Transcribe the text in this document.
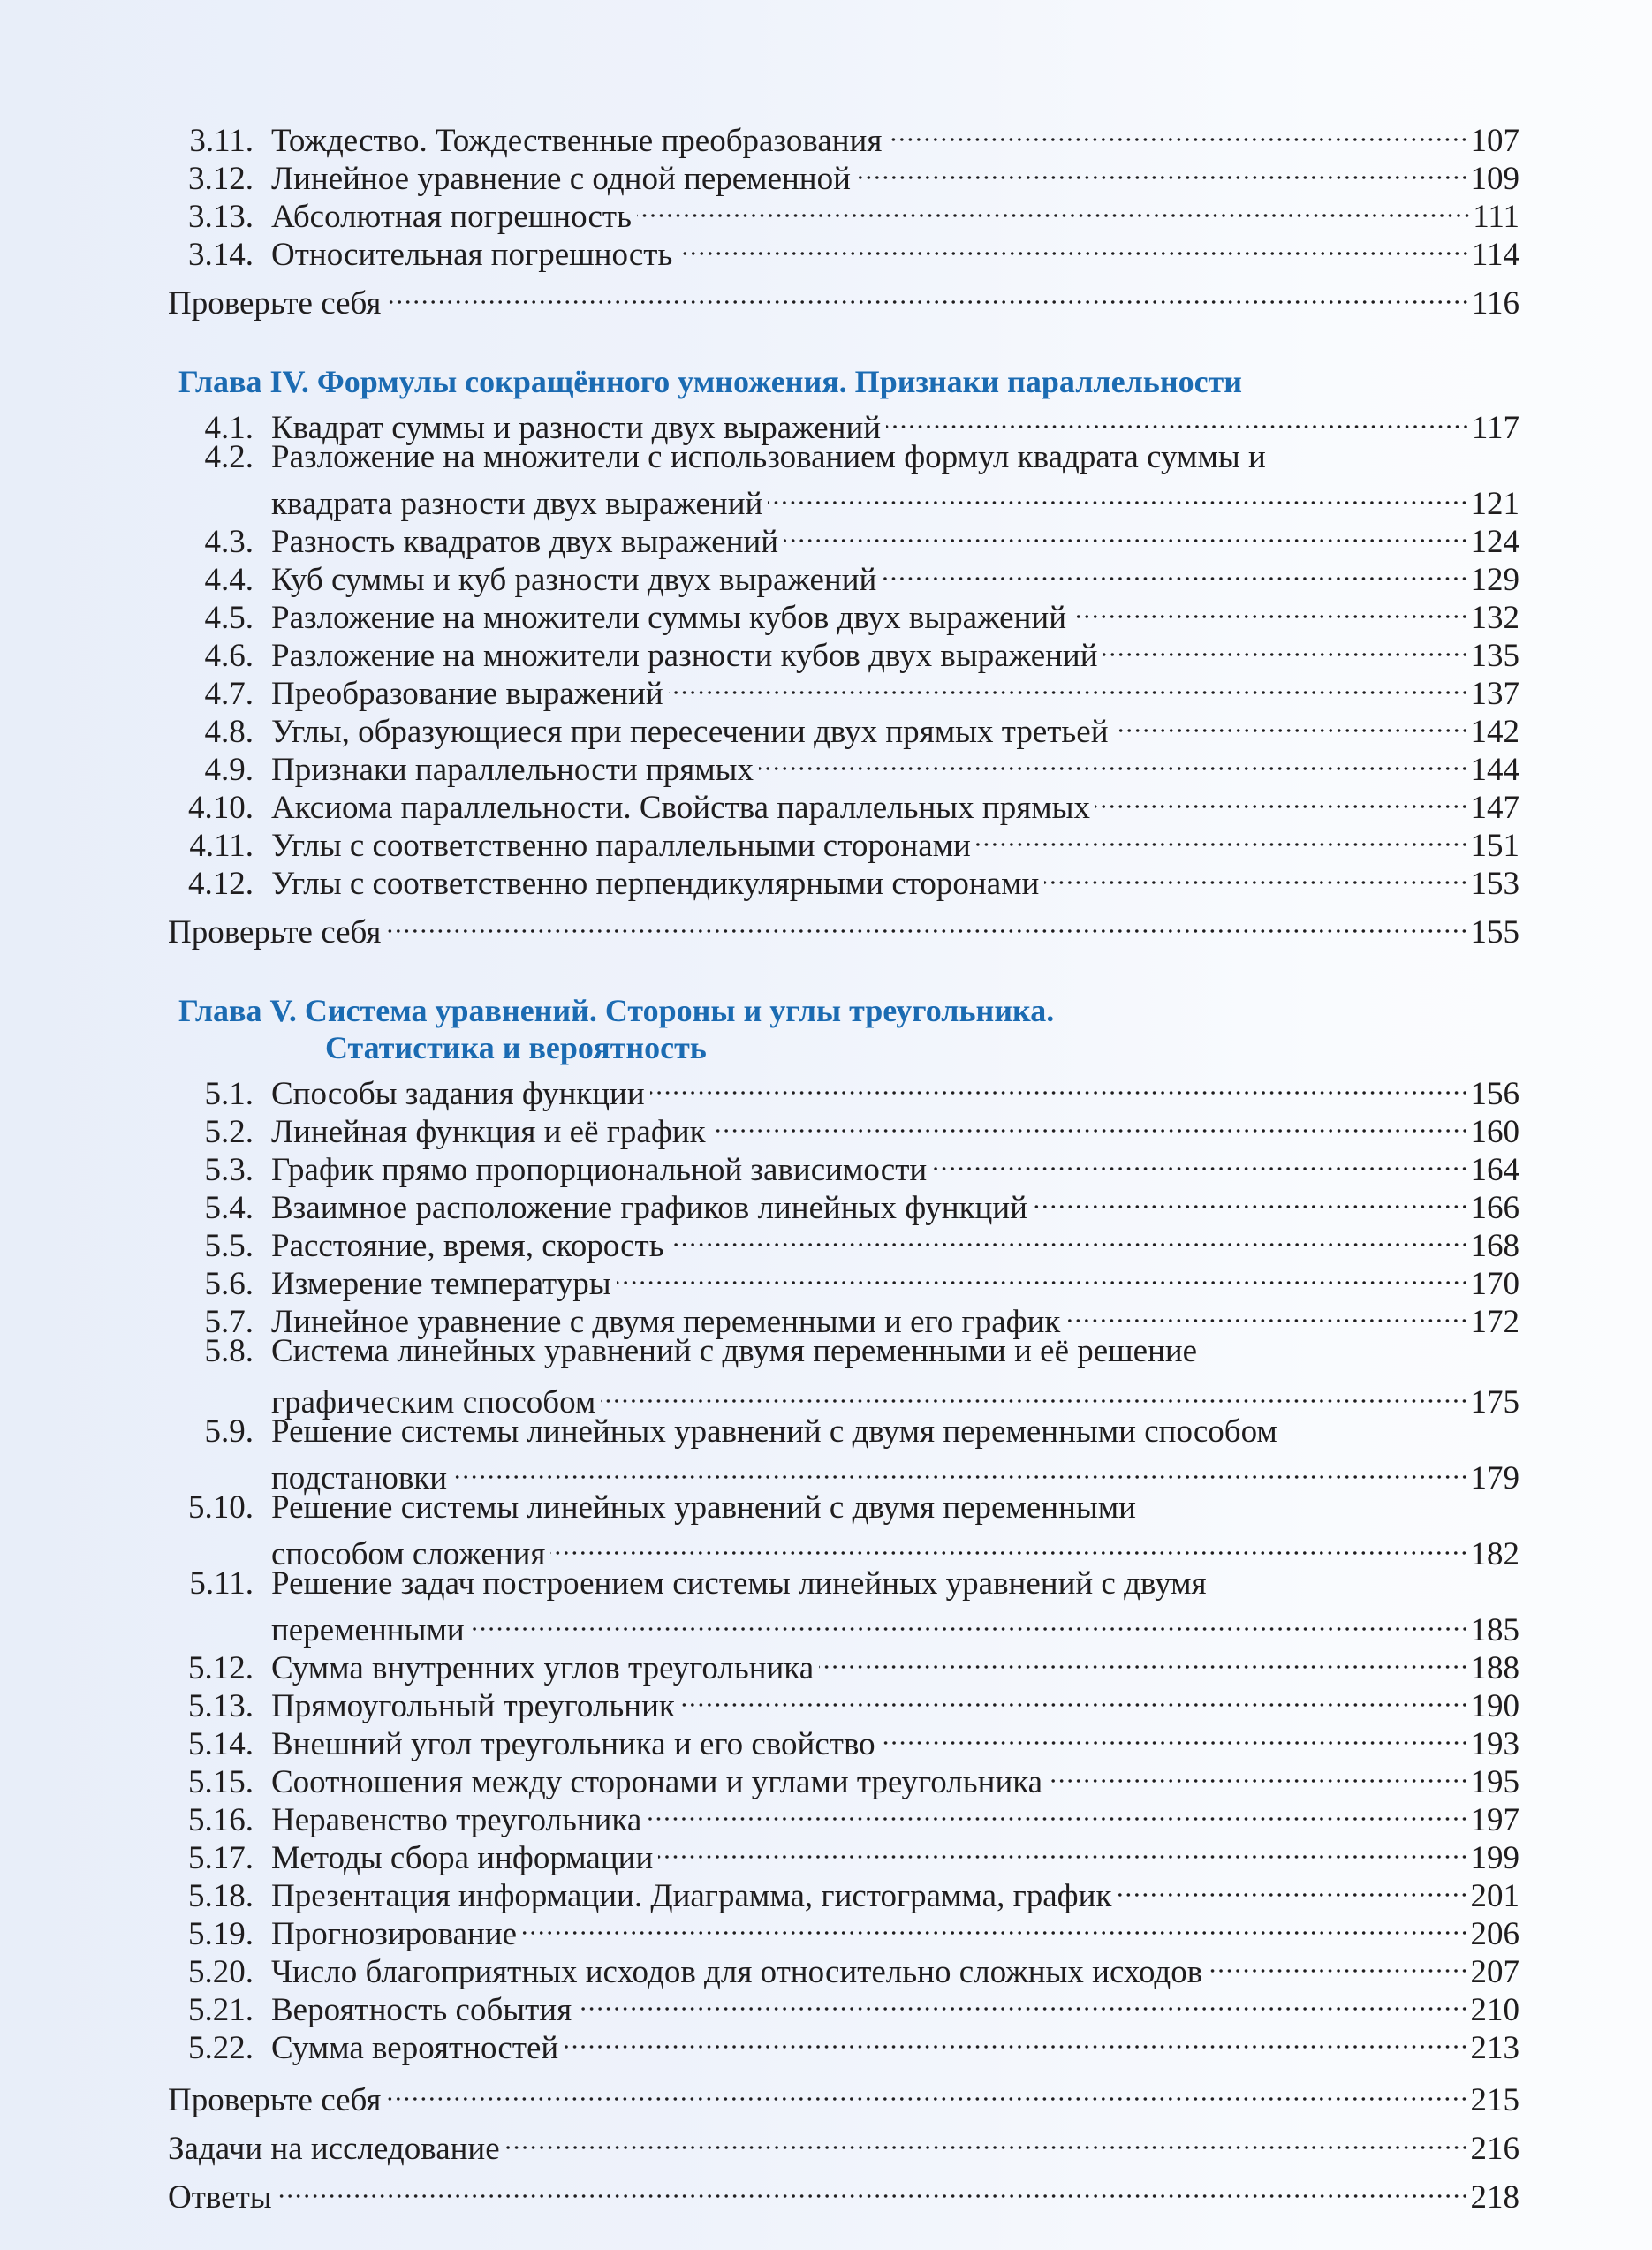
3.11. Тождество. Тождественные преобразования	107
3.12. Линейное уравнение с одной переменной	109
3.13. Абсолютная погрешность	111
3.14. Относительная погрешность	114
Проверьте себя	116
Глава IV. Формулы сокращённого умножения. Признаки параллельности
4.1. Квадрат суммы и разности двух выражений	117
4.2. Разложение на множители с использованием формул квадрата суммы и
квадрата разности двух выражений	121
4.3. Разность квадратов двух выражений	124
4.4. Куб суммы и куб разности двух выражений	129
4.5. Разложение на множители суммы кубов двух выражений	132
4.6. Разложение на множители разности кубов двух выражений	135
4.7. Преобразование выражений	137
4.8. Углы, образующиеся при пересечении двух прямых третьей	142
4.9. Признаки параллельности прямых	144
4.10. Аксиома параллельности. Свойства параллельных прямых	147
4.11. Углы с соответственно параллельными сторонами	151
4.12. Углы с соответственно перпендикулярными сторонами	153
Проверьте себя	155
Глава V. Система уравнений. Стороны и углы треугольника.
Статистика и вероятность
5.1. Способы задания функции	156
5.2. Линейная функция и её график	160
5.3. График прямо пропорциональной зависимости	164
5.4. Взаимное расположение графиков линейных функций	166
5.5. Расстояние, время, скорость	168
5.6. Измерение температуры	170
5.7. Линейное уравнение с двумя переменными и его график	172
5.8. Система линейных уравнений с двумя переменными и её решение
графическим способом	175
5.9. Решение системы линейных уравнений с двумя переменными способом
подстановки	179
5.10. Решение системы линейных уравнений с двумя переменными
способом сложения	182
5.11. Решение задач построением системы линейных уравнений с двумя
переменными	185
5.12. Сумма внутренних углов треугольника	188
5.13. Прямоугольный треугольник	190
5.14. Внешний угол треугольника и его свойство	193
5.15. Соотношения между сторонами и углами треугольника	195
5.16. Неравенство треугольника	197
5.17. Методы сбора информации	199
5.18. Презентация информации. Диаграмма, гистограмма, график	201
5.19. Прогнозирование	206
5.20. Число благоприятных исходов для относительно сложных исходов	207
5.21. Вероятность события	210
5.22. Сумма вероятностей	213
Проверьте себя	215
Задачи на исследование	216
Ответы	218
